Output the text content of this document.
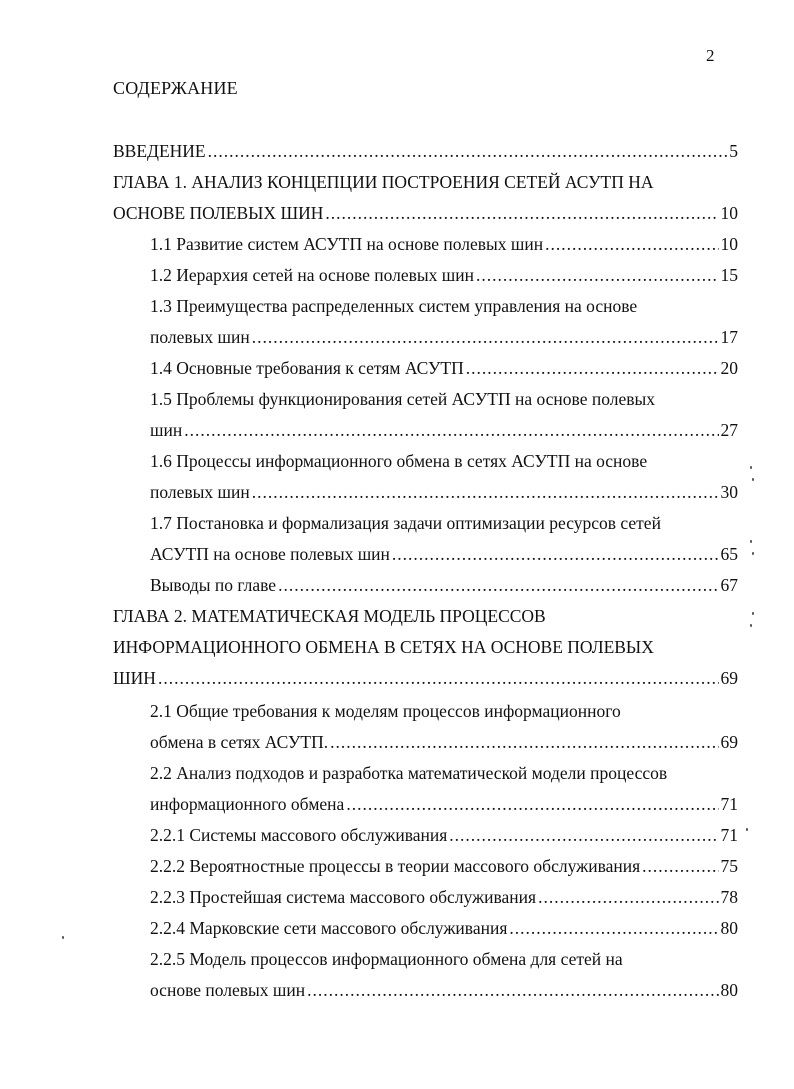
2
СОДЕРЖАНИЕ
ВВЕДЕНИЕ .....	5
ГЛАВА 1. АНАЛИЗ КОНЦЕПЦИИ ПОСТРОЕНИЯ СЕТЕЙ АСУТП НА
ОСНОВЕ ПОЛЕВЫХ ШИН .....	10
1.1 Развитие систем АСУТП на основе полевых шин .....	10
1.2 Иерархия сетей на основе полевых шин .....	15
1.3 Преимущества распределенных систем управления на основе
полевых шин .....	17
1.4 Основные требования к сетям АСУТП .....	20
1.5 Проблемы функционирования сетей АСУТП на основе полевых
шин .....	27
1.6 Процессы информационного обмена в сетях АСУТП на основе
полевых шин .....	30
1.7 Постановка и формализация задачи оптимизации ресурсов сетей
АСУТП на основе полевых шин .....	65
Выводы по главе .....	67
ГЛАВА 2. МАТЕМАТИЧЕСКАЯ МОДЕЛЬ ПРОЦЕССОВ
ИНФОРМАЦИОННОГО ОБМЕНА В СЕТЯХ НА ОСНОВЕ ПОЛЕВЫХ
ШИН .....	69
2.1 Общие требования к моделям процессов информационного
обмена в сетях АСУТП. .....	69
2.2 Анализ подходов и разработка математической модели процессов
информационного обмена .....	71
2.2.1 Системы массового обслуживания .....	71
2.2.2 Вероятностные процессы в теории массового обслуживания .....	75
2.2.3 Простейшая система массового обслуживания .....	78
2.2.4 Марковские сети массового обслуживания .....	80
2.2.5 Модель процессов информационного обмена для сетей на
основе полевых шин .....	80
